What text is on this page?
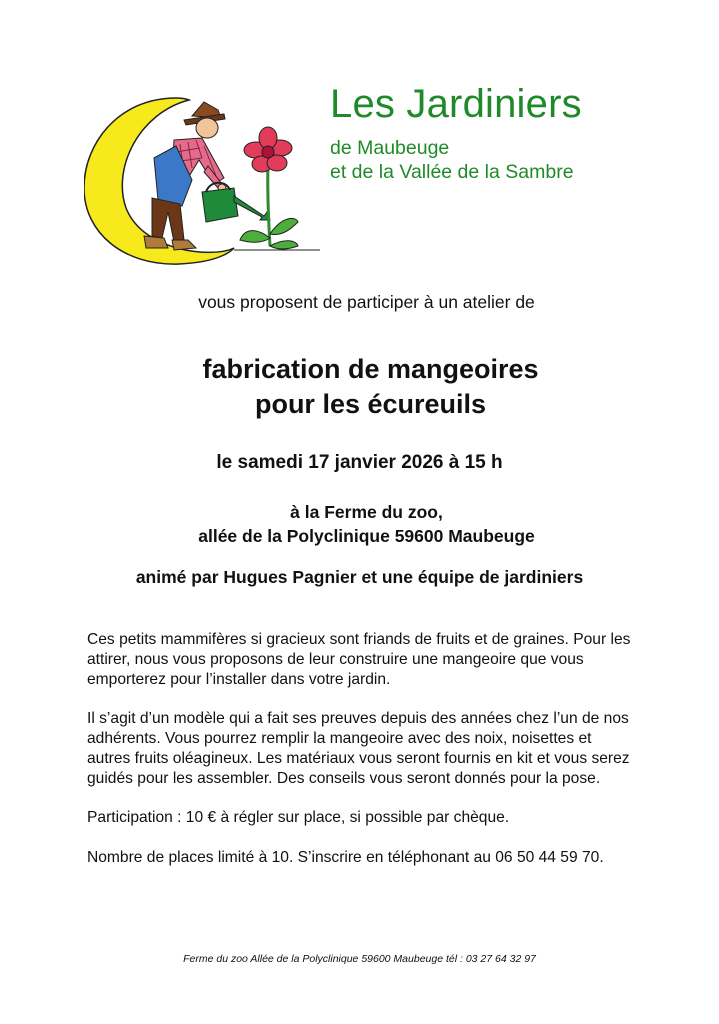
Les Jardiniers

de Maubeuge

et de la Vallée de la Sambre

vous proposent de participer à un atelier de

fabrication de mangeoires
pour les écureuils

le samedi 17 janvier 2026 à 15 h

à la Ferme du zoo,
allée de la Polyclinique 59600 Maubeuge

animé par Hugues Pagnier et une équipe de jardiniers

Ces petits mammifères si gracieux sont friands de fruits et de graines. Pour les
attirer, nous vous proposons de leur construire une mangeoire que vous
emporterez pour l’installer dans votre jardin.
Il s’agit d’un modèle qui a fait ses preuves depuis des années chez l’un de nos
adhérents. Vous pourrez remplir la mangeoire avec des noix, noisettes et
autres fruits oléagineux. Les matériaux vous seront fournis en kit et vous serez
guidés pour les assembler. Des conseils vous seront donnés pour la pose.

Participation : 10 € à régler sur place, si possible par chèque.

Nombre de places limité à 10. S’inscrire en téléphonant au 06 50 44 59 70.

Ferme du zoo Allée de la Polyclinique 59600 Maubeuge tél : 03 27 64 32 97
